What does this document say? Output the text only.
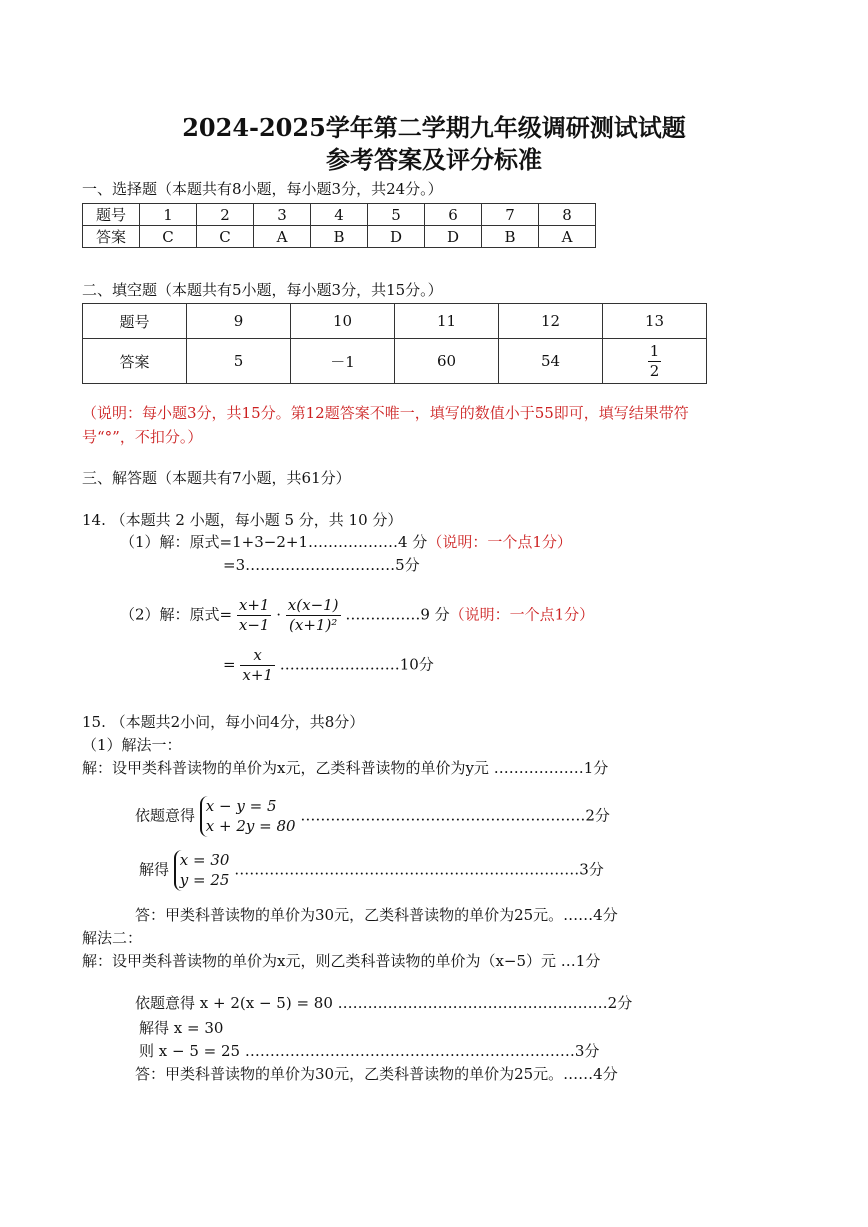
2024-2025学年第二学期九年级调研测试试题
参考答案及评分标准
一、选择题（本题共有8小题，每小题3分，共24分。）
题号	1	2	3	4	5	6	7	8
答案	C	C	A	B	D	D	B	A
二、填空题（本题共有5小题，每小题3分，共15分。）
题号	9	10	11	12	13
答案	5	－1	60	54	$\frac{1}{2}$
（说明：每小题3分，共15分。第12题答案不唯一，填写的数值小于55即可，填写结果带符
号“°”，不扣分。）
三、解答题（本题共有7小题，共61分）
14. （本题共 2 小题，每小题 5 分，共 10 分）
（1）解：原式=1+3−2+1………………4 分（说明：一个点1分）
=3…………………………5分
（2）解：原式= $\frac{x+1}{x-1} \cdot \frac{x(x-1)}{\text{(x+1)²}}$ ……………9 分（说明：一个点1分）
= $\frac{x}{x+1}$ ……………………10分
15. （本题共2小问，每小问4分，共8分）
（1）解法一：
解：设甲类科普读物的单价为x元，乙类科普读物的单价为y元 ………………1分
依题意得
x − y = 5
x + 2y = 80
…………………………………………………2分
解得
x = 30
y = 25
……………………………………………………………3分
答：甲类科普读物的单价为30元，乙类科普读物的单价为25元。……4分
解法二：
解：设甲类科普读物的单价为x元，则乙类科普读物的单价为（x−5）元 …1分
依题意得 x + 2(x − 5) = 80 ………………………………………………2分
解得 x = 30
则 x − 5 = 25 …………………………………………………………3分
答：甲类科普读物的单价为30元，乙类科普读物的单价为25元。……4分
